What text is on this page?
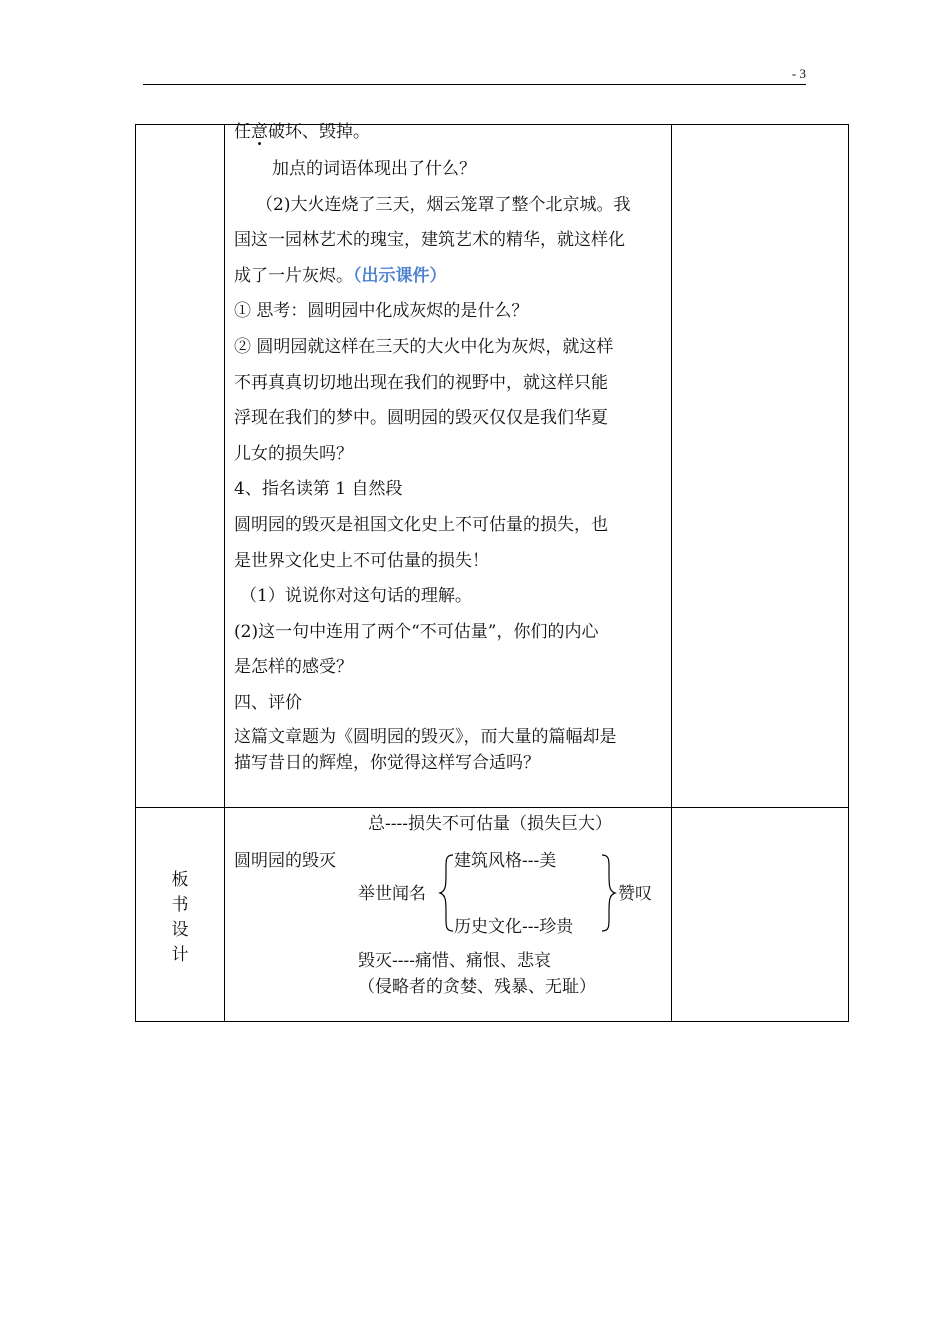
- 3
任意破坏、毁掉。
加点的词语体现出了什么？
（2)大火连烧了三天，烟云笼罩了整个北京城。我
国这一园林艺术的瑰宝，建筑艺术的精华，就这样化
成了一片灰烬。（出示课件）
① 思考：圆明园中化成灰烬的是什么？
② 圆明园就这样在三天的大火中化为灰烬，就这样
不再真真切切地出现在我们的视野中，就这样只能
浮现在我们的梦中。圆明园的毁灭仅仅是我们华夏
儿女的损失吗？
4、指名读第 1 自然段
圆明园的毁灭是祖国文化史上不可估量的损失，也
是世界文化史上不可估量的损失！
（1）说说你对这句话的理解。
(2)这一句中连用了两个“不可估量”，你们的内心
是怎样的感受？
四、评价
这篇文章题为《圆明园的毁灭》，而大量的篇幅却是
描写昔日的辉煌，你觉得这样写合适吗？
板
书
设
计
总----损失不可估量（损失巨大）
圆明园的毁灭	建筑风格---美
举世闻名
历史文化---珍贵
赞叹
毁灭----痛惜、痛恨、悲哀
（侵略者的贪婪、残暴、无耻）
